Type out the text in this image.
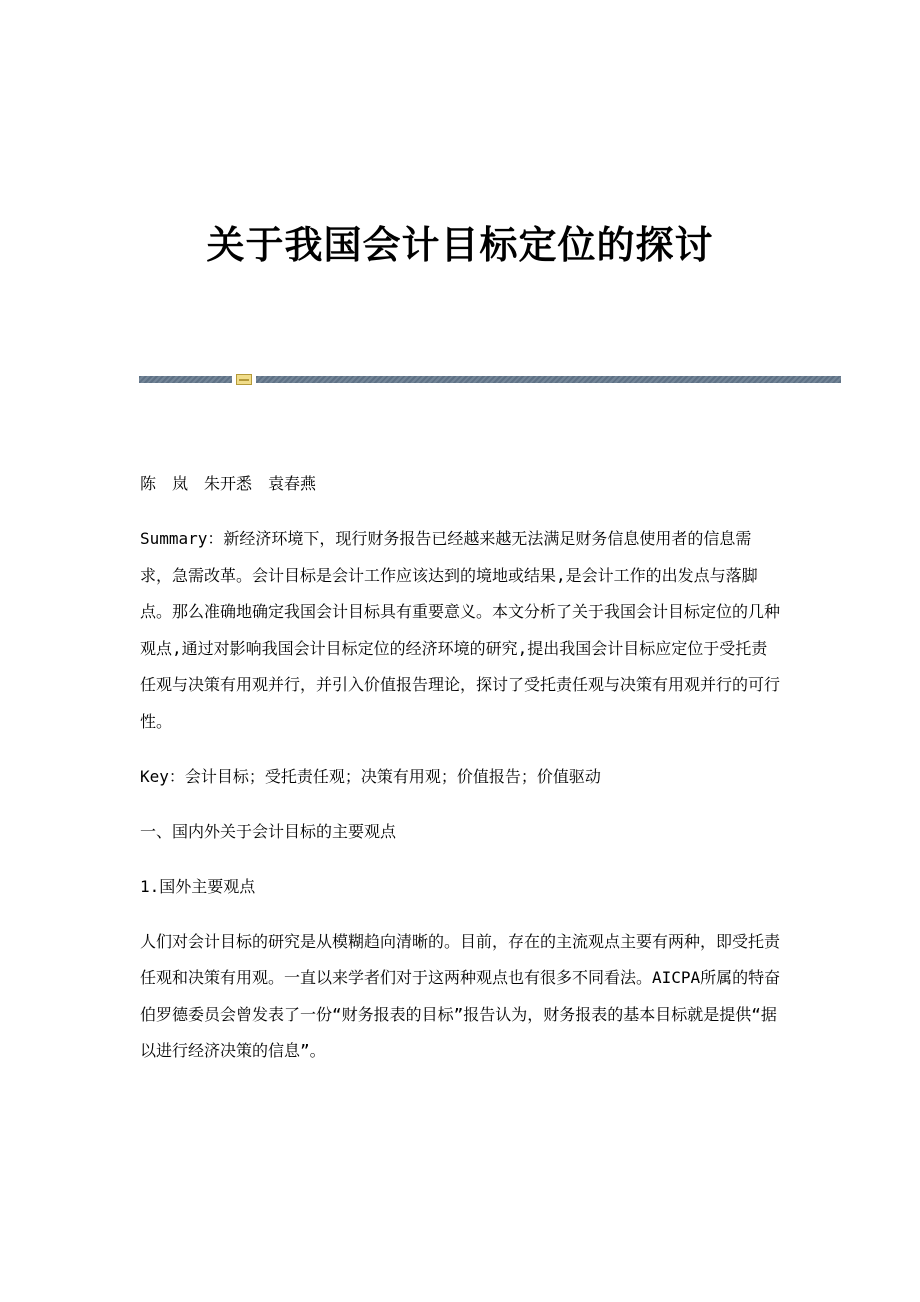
关于我国会计目标定位的探讨

陈　岚 朱开悉 袁春燕

Summary：新经济环境下，现行财务报告已经越来越无法满足财务信息使用者的信息需求，急需改革。会计目标是会计工作应该达到的境地或结果,是会计工作的出发点与落脚点。那么准确地确定我国会计目标具有重要意义。本文分析了关于我国会计目标定位的几种观点,通过对影响我国会计目标定位的经济环境的研究,提出我国会计目标应定位于受托责任观与决策有用观并行，并引入价值报告理论，探讨了受托责任观与决策有用观并行的可行性。

Key：会计目标；受托责任观；决策有用观；价值报告；价值驱动

一、国内外关于会计目标的主要观点

1.国外主要观点

人们对会计目标的研究是从模糊趋向清晰的。目前，存在的主流观点主要有两种，即受托责任观和决策有用观。一直以来学者们对于这两种观点也有很多不同看法。AICPA所属的特奋伯罗德委员会曾发表了一份“财务报表的目标”报告认为，财务报表的基本目标就是提供“据以进行经济决策的信息”。
